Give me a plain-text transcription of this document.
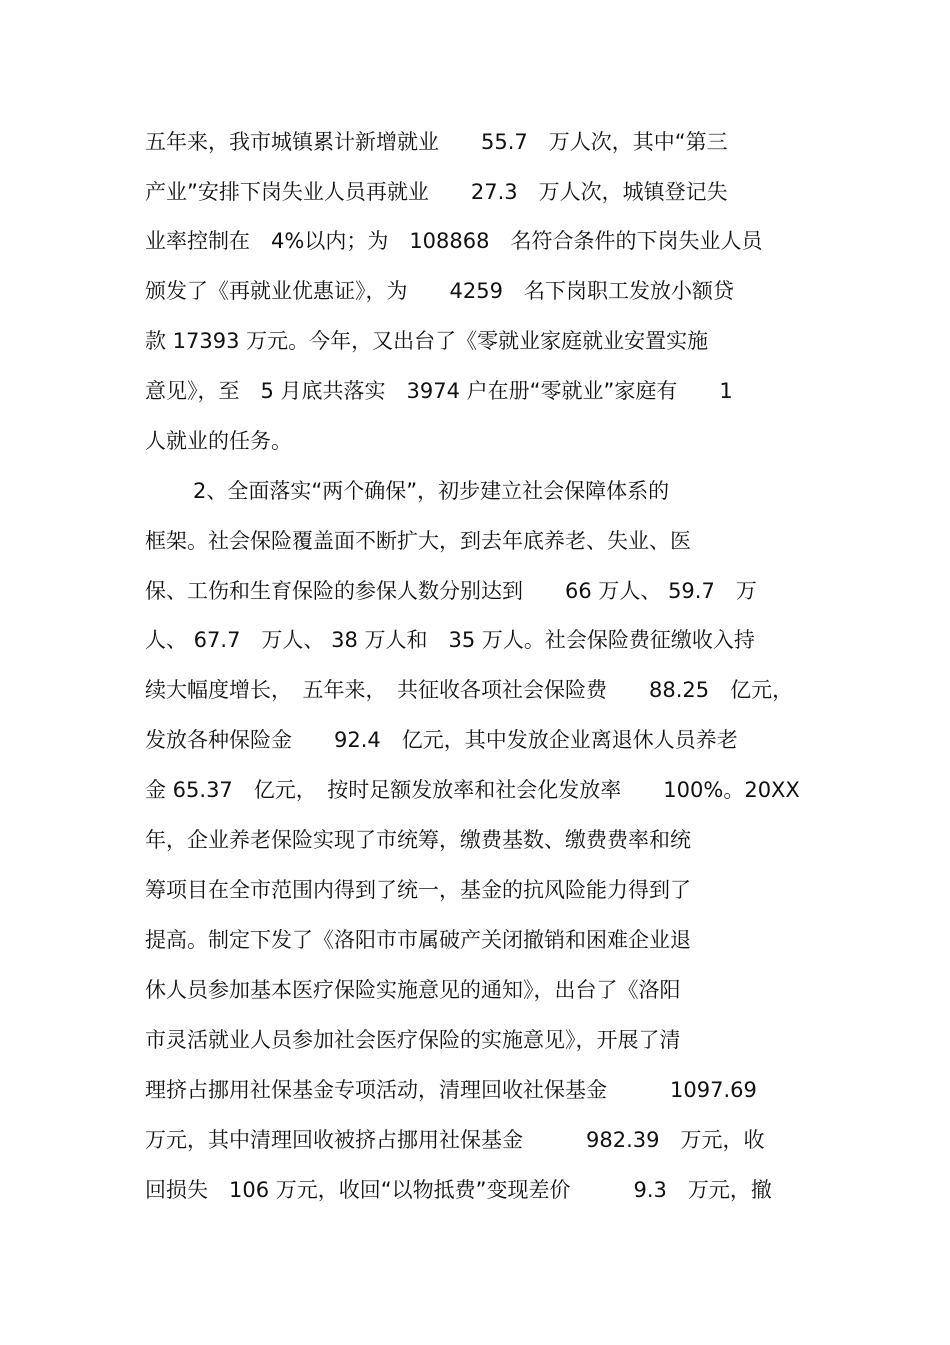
五年来，我市城镇累计新增就业　　55.7　万人次，其中“第三
产业”安排下岗失业人员再就业　　27.3　万人次，城镇登记失
业率控制在　4%以内；为　108868　名符合条件的下岗失业人员
颁发了《再就业优惠证》，为　　4259　名下岗职工发放小额贷
款 17393 万元。今年，又出台了《零就业家庭就业安置实施
意见》，至　5 月底共落实　3974 户在册“零就业”家庭有　　1
人就业的任务。
2、全面落实“两个确保”，初步建立社会保障体系的
框架。社会保险覆盖面不断扩大，到去年底养老、失业、医
保、工伤和生育保险的参保人数分别达到　　66 万人、 59.7　万
人、 67.7　万人、 38 万人和　35 万人。社会保险费征缴收入持
续大幅度增长，　五年来，　共征收各项社会保险费　　88.25　亿元，
发放各种保险金　　92.4　亿元，其中发放企业离退休人员养老
金 65.37　亿元，　按时足额发放率和社会化发放率　　100%。20XX
年，企业养老保险实现了市统筹，缴费基数、缴费费率和统
筹项目在全市范围内得到了统一，基金的抗风险能力得到了
提高。制定下发了《洛阳市市属破产关闭撤销和困难企业退
休人员参加基本医疗保险实施意见的通知》，出台了《洛阳
市灵活就业人员参加社会医疗保险的实施意见》，开展了清
理挤占挪用社保基金专项活动，清理回收社保基金　　　1097.69
万元，其中清理回收被挤占挪用社保基金　　　982.39　万元，收
回损失　106 万元，收回“以物抵费”变现差价　　　9.3　万元，撤
